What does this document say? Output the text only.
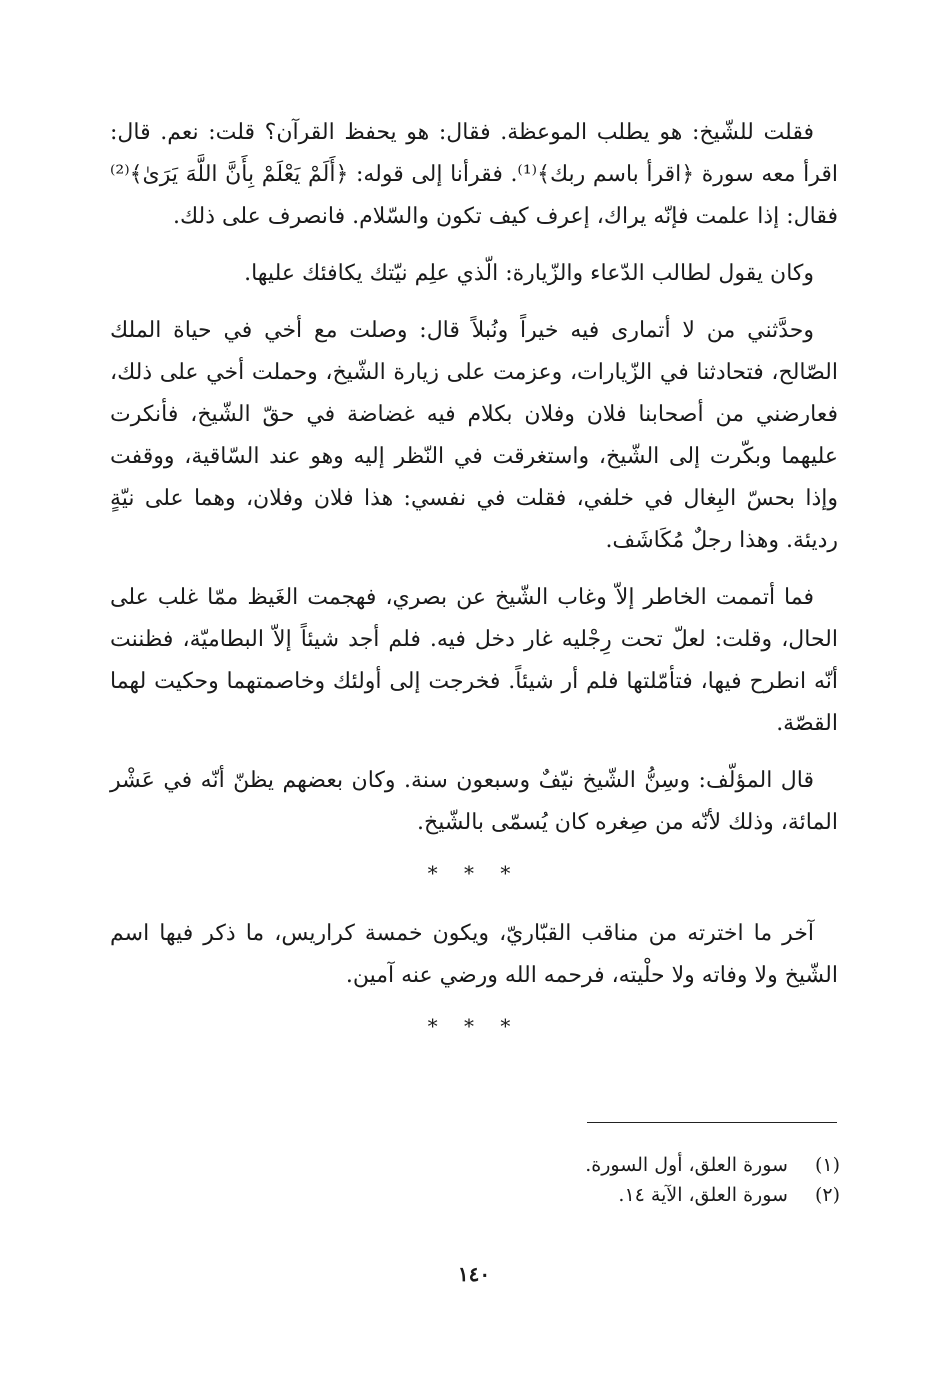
فقلت للشّيخ: هو يطلب الموعظة. فقال: هو يحفظ القرآن؟ قلت: نعم. قال: اقرأ معه سورة ﴿اقرأ باسم ربك﴾⁽¹⁾. فقرأنا إلى قوله: ﴿أَلَمْ يَعْلَمْ بِأَنَّ اللَّهَ يَرَىٰ﴾⁽²⁾ فقال: إذا علمت فإنّه يراك، إعرف كيف تكون والسّلام. فانصرف على ذلك.

وكان يقول لطالب الدّعاء والزّيارة: الّذي علِم نيّتك يكافئك عليها.

وحدَّثني من لا أتمارى فيه خيراً ونُبلاً قال: وصلت مع أخي في حياة الملك الصّالح، فتحادثنا في الزّيارات، وعزمت على زيارة الشّيخ، وحملت أخي على ذلك، فعارضني من أصحابنا فلان وفلان بكلام فيه غضاضة في حقّ الشّيخ، فأنكرت عليهما وبكّرت إلى الشّيخ، واستغرقت في النّظر إليه وهو عند السّاقية، ووقفت وإذا بحسّ البِغال في خلفي، فقلت في نفسي: هذا فلان وفلان، وهما على نيّةٍ رديئة. وهذا رجلٌ مُكَاشَف.

فما أتممت الخاطر إلاّ وغاب الشّيخ عن بصري، فهجمت الغَيظ ممّا غلب على الحال، وقلت: لعلّ تحت رِجْليه غار دخل فيه. فلم أجد شيئاً إلاّ البطاميّة، فظننت أنّه انطرح فيها، فتأمّلتها فلم أر شيئاً. فخرجت إلى أولئك وخاصمتهما وحكيت لهما القصّة.

قال المؤلّف: وسِنُّ الشّيخ نيّفٌ وسبعون سنة. وكان بعضهم يظنّ أنّه في عَشْر المائة، وذلك لأنّه من صِغره كان يُسمّى بالشّيخ.

* * *

آخر ما اخترته من مناقب القبّاريّ، ويكون خمسة كراريس، ما ذكر فيها اسم الشّيخ ولا وفاته ولا حلْيته، فرحمه الله ورضي عنه آمين.

* * *
(١) سورة العلق، أول السورة.
(٢) سورة العلق، الآية ١٤.
١٤٠
